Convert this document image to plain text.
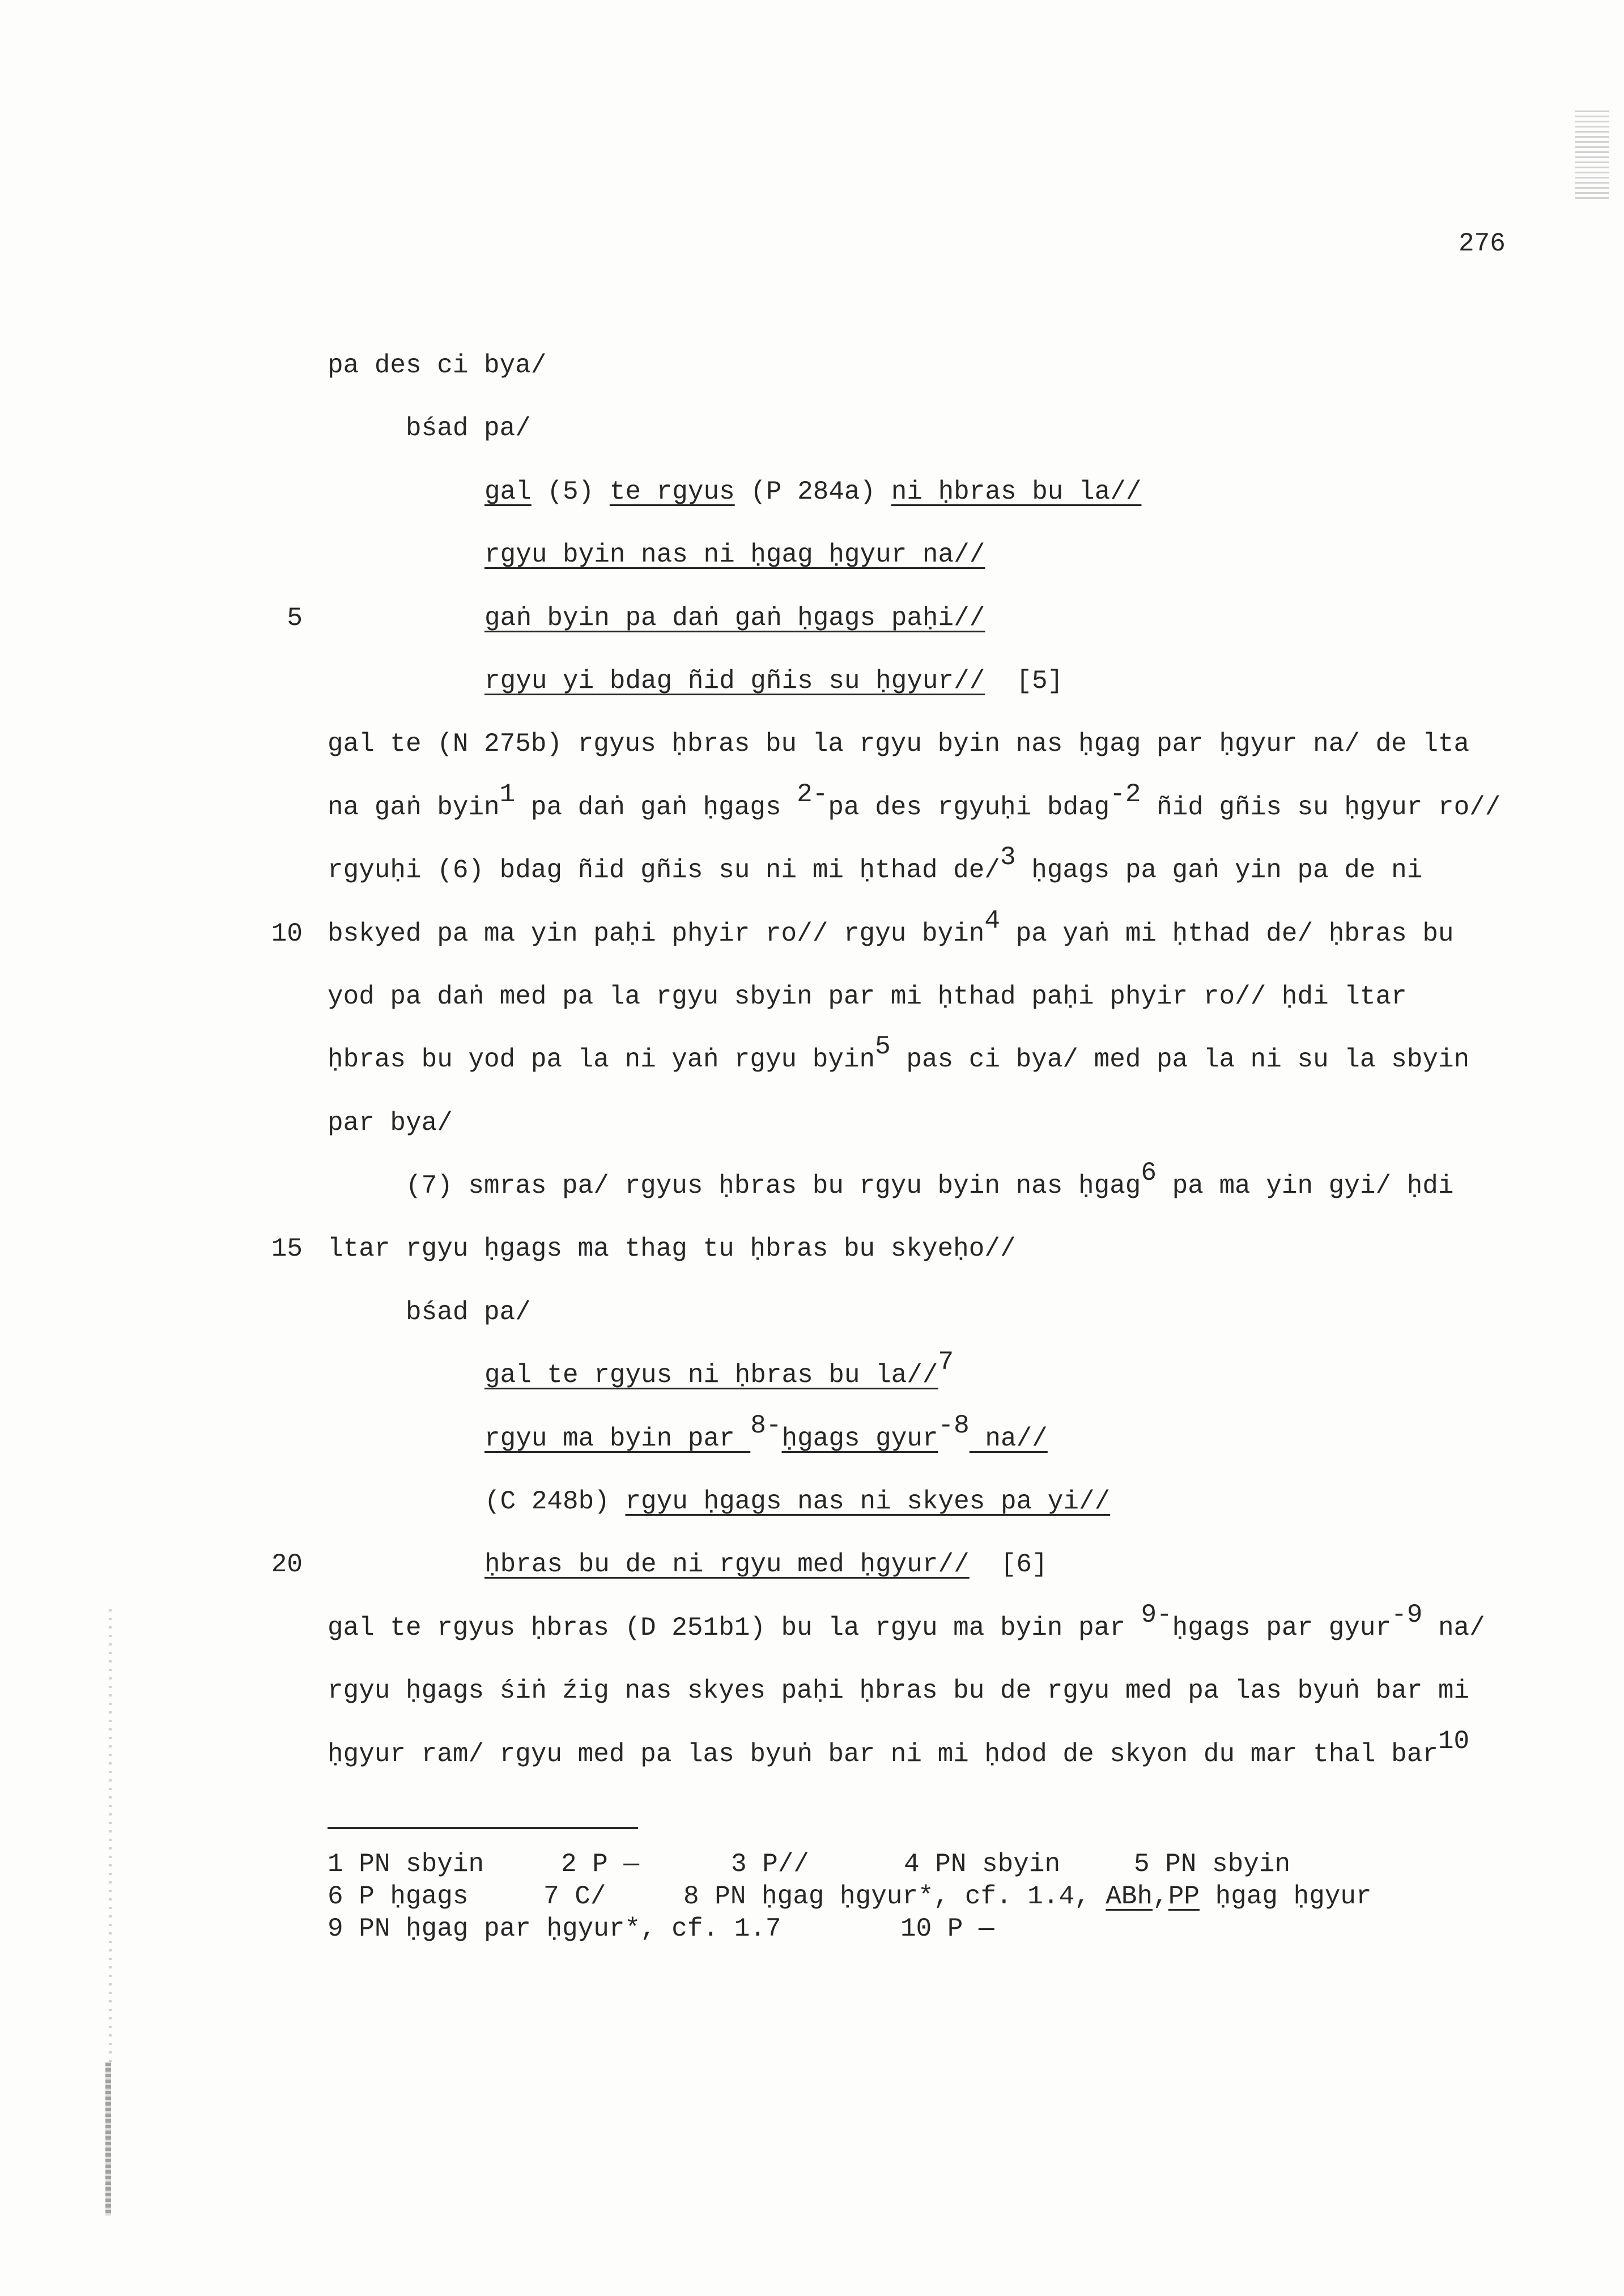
276
pa des ci bya/
bśad pa/
gal (5) te rgyus (P 284a) ni ḥbras bu la//
rgyu byin nas ni ḥgag ḥgyur na//
5	gaṅ byin pa daṅ gaṅ ḥgags paḥi//
rgyu yi bdag ñid gñis su ḥgyur// [5]
gal te (N 275b) rgyus ḥbras bu la rgyu byin nas ḥgag par ḥgyur na/ de lta
na gaṅ byin1 pa daṅ gaṅ ḥgags 2-pa des rgyuḥi bdag-2 ñid gñis su ḥgyur ro//
rgyuḥi (6) bdag ñid gñis su ni mi ḥthad de/3 ḥgags pa gaṅ yin pa de ni
10 bskyed pa ma yin paḥi phyir ro// rgyu byin4 pa yaṅ mi ḥthad de/ ḥbras bu
yod pa daṅ med pa la rgyu sbyin par mi ḥthad paḥi phyir ro// ḥdi ltar
ḥbras bu yod pa la ni yaṅ rgyu byin5 pas ci bya/ med pa la ni su la sbyin
par bya/
(7) smras pa/ rgyus ḥbras bu rgyu byin nas ḥgag6 pa ma yin gyi/ ḥdi
15 ltar rgyu ḥgags ma thag tu ḥbras bu skyeḥo//
bśad pa/
gal te rgyus ni ḥbras bu la//7
rgyu ma byin par 8-ḥgags gyur-8 na//
(C 248b) rgyu ḥgags nas ni skyes pa yi//
20	ḥbras bu de ni rgyu med ḥgyur// [6]
gal te rgyus ḥbras (D 251b1) bu la rgyu ma byin par 9-ḥgags par gyur-9 na/
rgyu ḥgags śiṅ źig nas skyes paḥi ḥbras bu de rgyu med pa las byuṅ bar mi
ḥgyur ram/ rgyu med pa las byuṅ bar ni mi ḥdod de skyon du mar thal bar10
1 PN sbyin	2 P —	3 P//	4 PN sbyin	5 PN sbyin
6 P ḥgags	7 C/	8 PN ḥgag ḥgyur*, cf. 1.4, ABh,PP ḥgag ḥgyur
9 PN ḥgag par ḥgyur*, cf. 1.7	10 P —
